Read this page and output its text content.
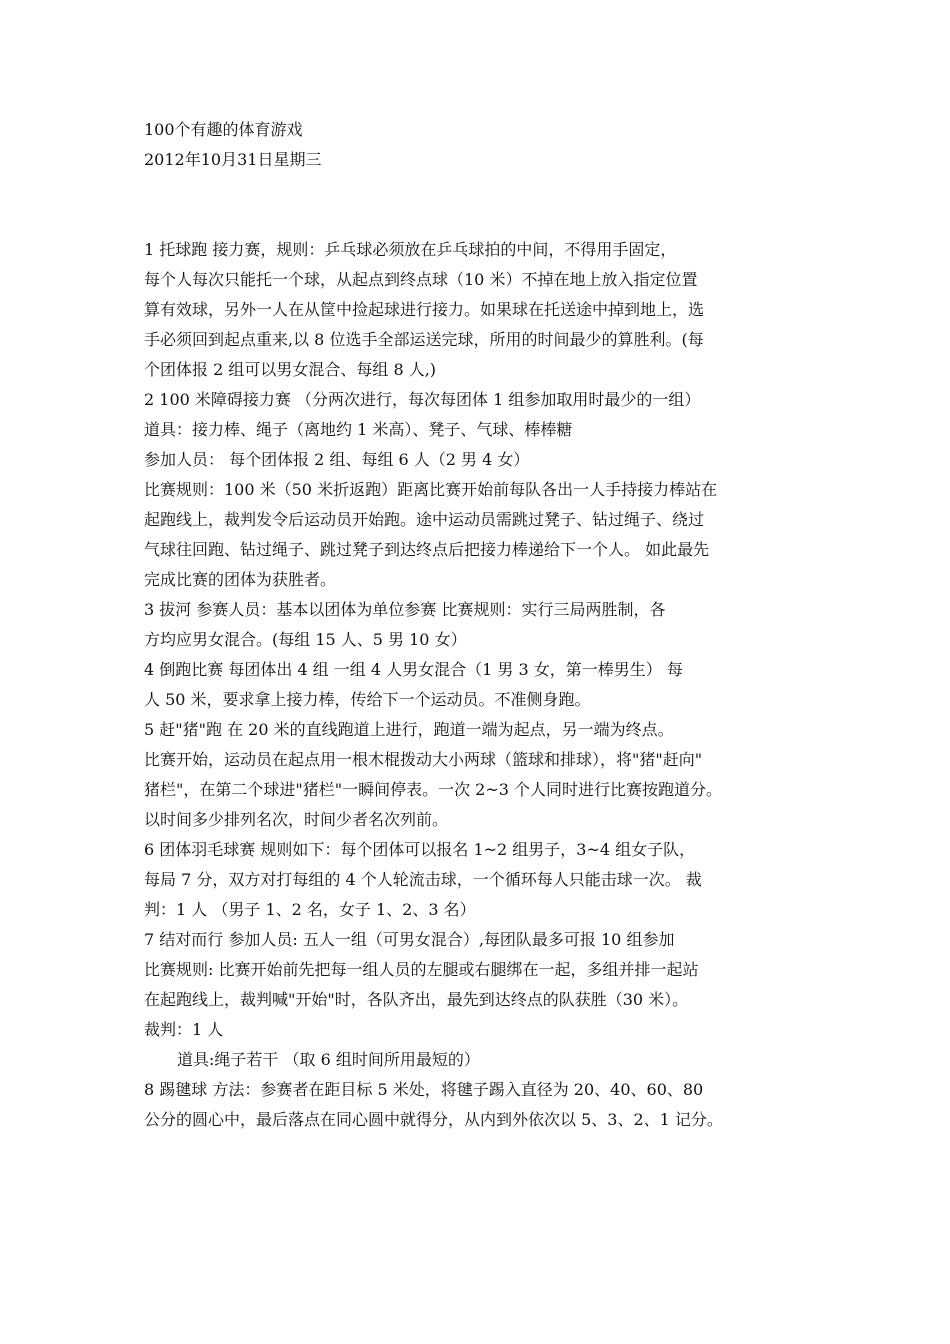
100个有趣的体育游戏
2012年10月31日星期三

1 托球跑 接力赛，规则：乒乓球必须放在乒乓球拍的中间，不得用手固定，
每个人每次只能托一个球，从起点到终点球（10 米）不掉在地上放入指定位置
算有效球，另外一人在从筐中捡起球进行接力。如果球在托送途中掉到地上，选
手必须回到起点重来,以 8 位选手全部运送完球，所用的时间最少的算胜利。(每
个团体报 2 组可以男女混合、每组 8 人,)
2 100 米障碍接力赛 （分两次进行，每次每团体 1 组参加取用时最少的一组）
道具：接力棒、绳子（离地约 1 米高）、凳子、气球、棒棒糖
参加人员： 每个团体报 2 组、每组 6 人（2 男 4 女）
比赛规则：100 米（50 米折返跑）距离比赛开始前每队各出一人手持接力棒站在
起跑线上，裁判发令后运动员开始跑。途中运动员需跳过凳子、钻过绳子、绕过
气球往回跑、钻过绳子、跳过凳子到达终点后把接力棒递给下一个人。 如此最先
完成比赛的团体为获胜者。
3 拔河 参赛人员：基本以团体为单位参赛 比赛规则：实行三局两胜制，各
方均应男女混合。(每组 15 人、5 男 10 女）
4 倒跑比赛 每团体出 4 组 一组 4 人男女混合（1 男 3 女，第一棒男生） 每
人 50 米，要求拿上接力棒，传给下一个运动员。不准侧身跑。
5 赶"猪"跑 在 20 米的直线跑道上进行，跑道一端为起点，另一端为终点。
比赛开始，运动员在起点用一根木棍拨动大小两球（篮球和排球），将"猪"赶向"
猪栏"，在第二个球进"猪栏"一瞬间停表。一次 2~3 个人同时进行比赛按跑道分。
以时间多少排列名次，时间少者名次列前。
6 团体羽毛球赛 规则如下：每个团体可以报名 1~2 组男子，3~4 组女子队，
每局 7 分，双方对打每组的 4 个人轮流击球，一个循环每人只能击球一次。 裁
判：1 人 （男子 1、2 名，女子 1、2、3 名）
7 结对而行 参加人员: 五人一组（可男女混合）,每团队最多可报 10 组参加
比赛规则: 比赛开始前先把每一组人员的左腿或右腿绑在一起，多组并排一起站
在起跑线上，裁判喊"开始"时，各队齐出，最先到达终点的队获胜（30 米）。
裁判：1 人
道具:绳子若干 （取 6 组时间所用最短的）
8 踢毽球 方法：参赛者在距目标 5 米处，将毽子踢入直径为 20、40、60、80
公分的圆心中，最后落点在同心圆中就得分，从内到外依次以 5、3、2、1 记分。
